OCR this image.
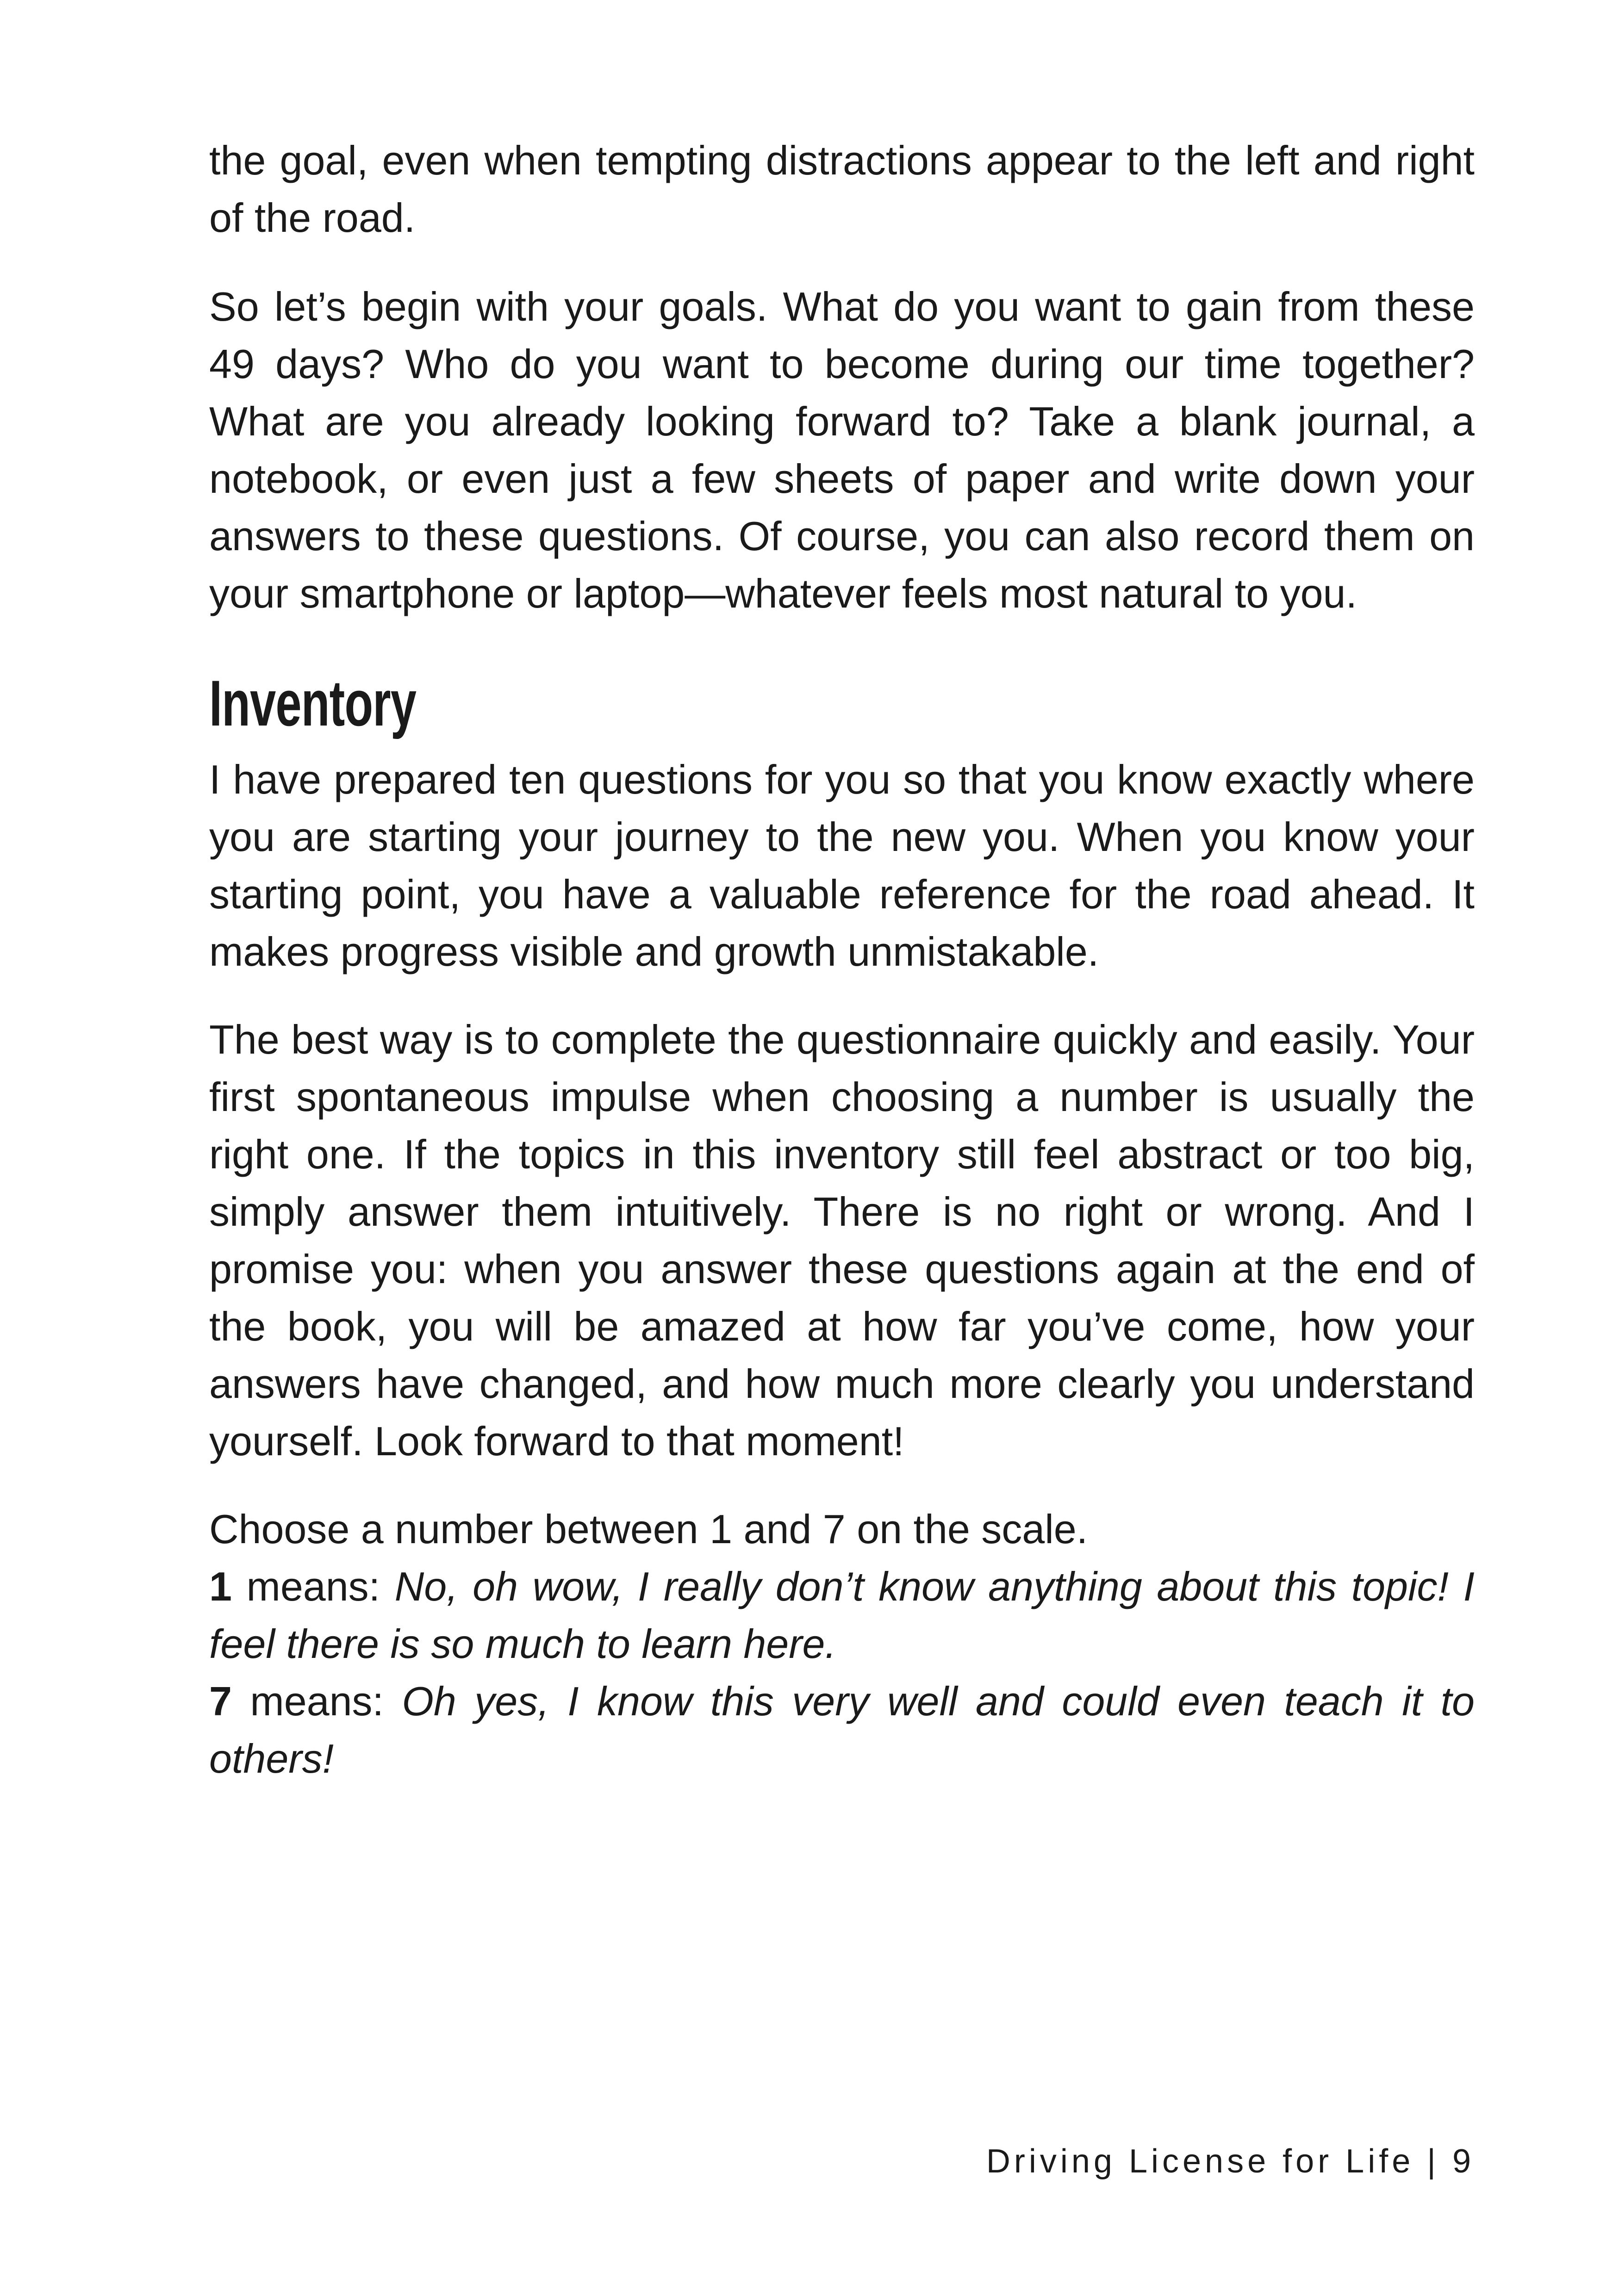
the goal, even when tempting distractions appear to the left and right of the road.

So let’s begin with your goals. What do you want to gain from these 49 days? Who do you want to become during our time together? What are you already looking forward to? Take a blank journal, a notebook, or even just a few sheets of paper and write down your answers to these questions. Of course, you can also record them on your smartphone or laptop—whatever feels most natural to you.

Inventory

I have prepared ten questions for you so that you know exactly where you are starting your journey to the new you. When you know your starting point, you have a valuable reference for the road ahead. It makes progress visible and growth unmistakable.

The best way is to complete the questionnaire quickly and easily. Your first spontaneous impulse when choosing a number is usually the right one. If the topics in this inventory still feel abstract or too big, simply answer them intuitively. There is no right or wrong. And I promise you: when you answer these questions again at the end of the book, you will be amazed at how far you’ve come, how your answers have changed, and how much more clearly you understand yourself. Look forward to that moment!

Choose a number between 1 and 7 on the scale.

1 means: No, oh wow, I really don’t know anything about this topic! I feel there is so much to learn here.

7 means: Oh yes, I know this very well and could even teach it to others!

Driving License for Life | 9
